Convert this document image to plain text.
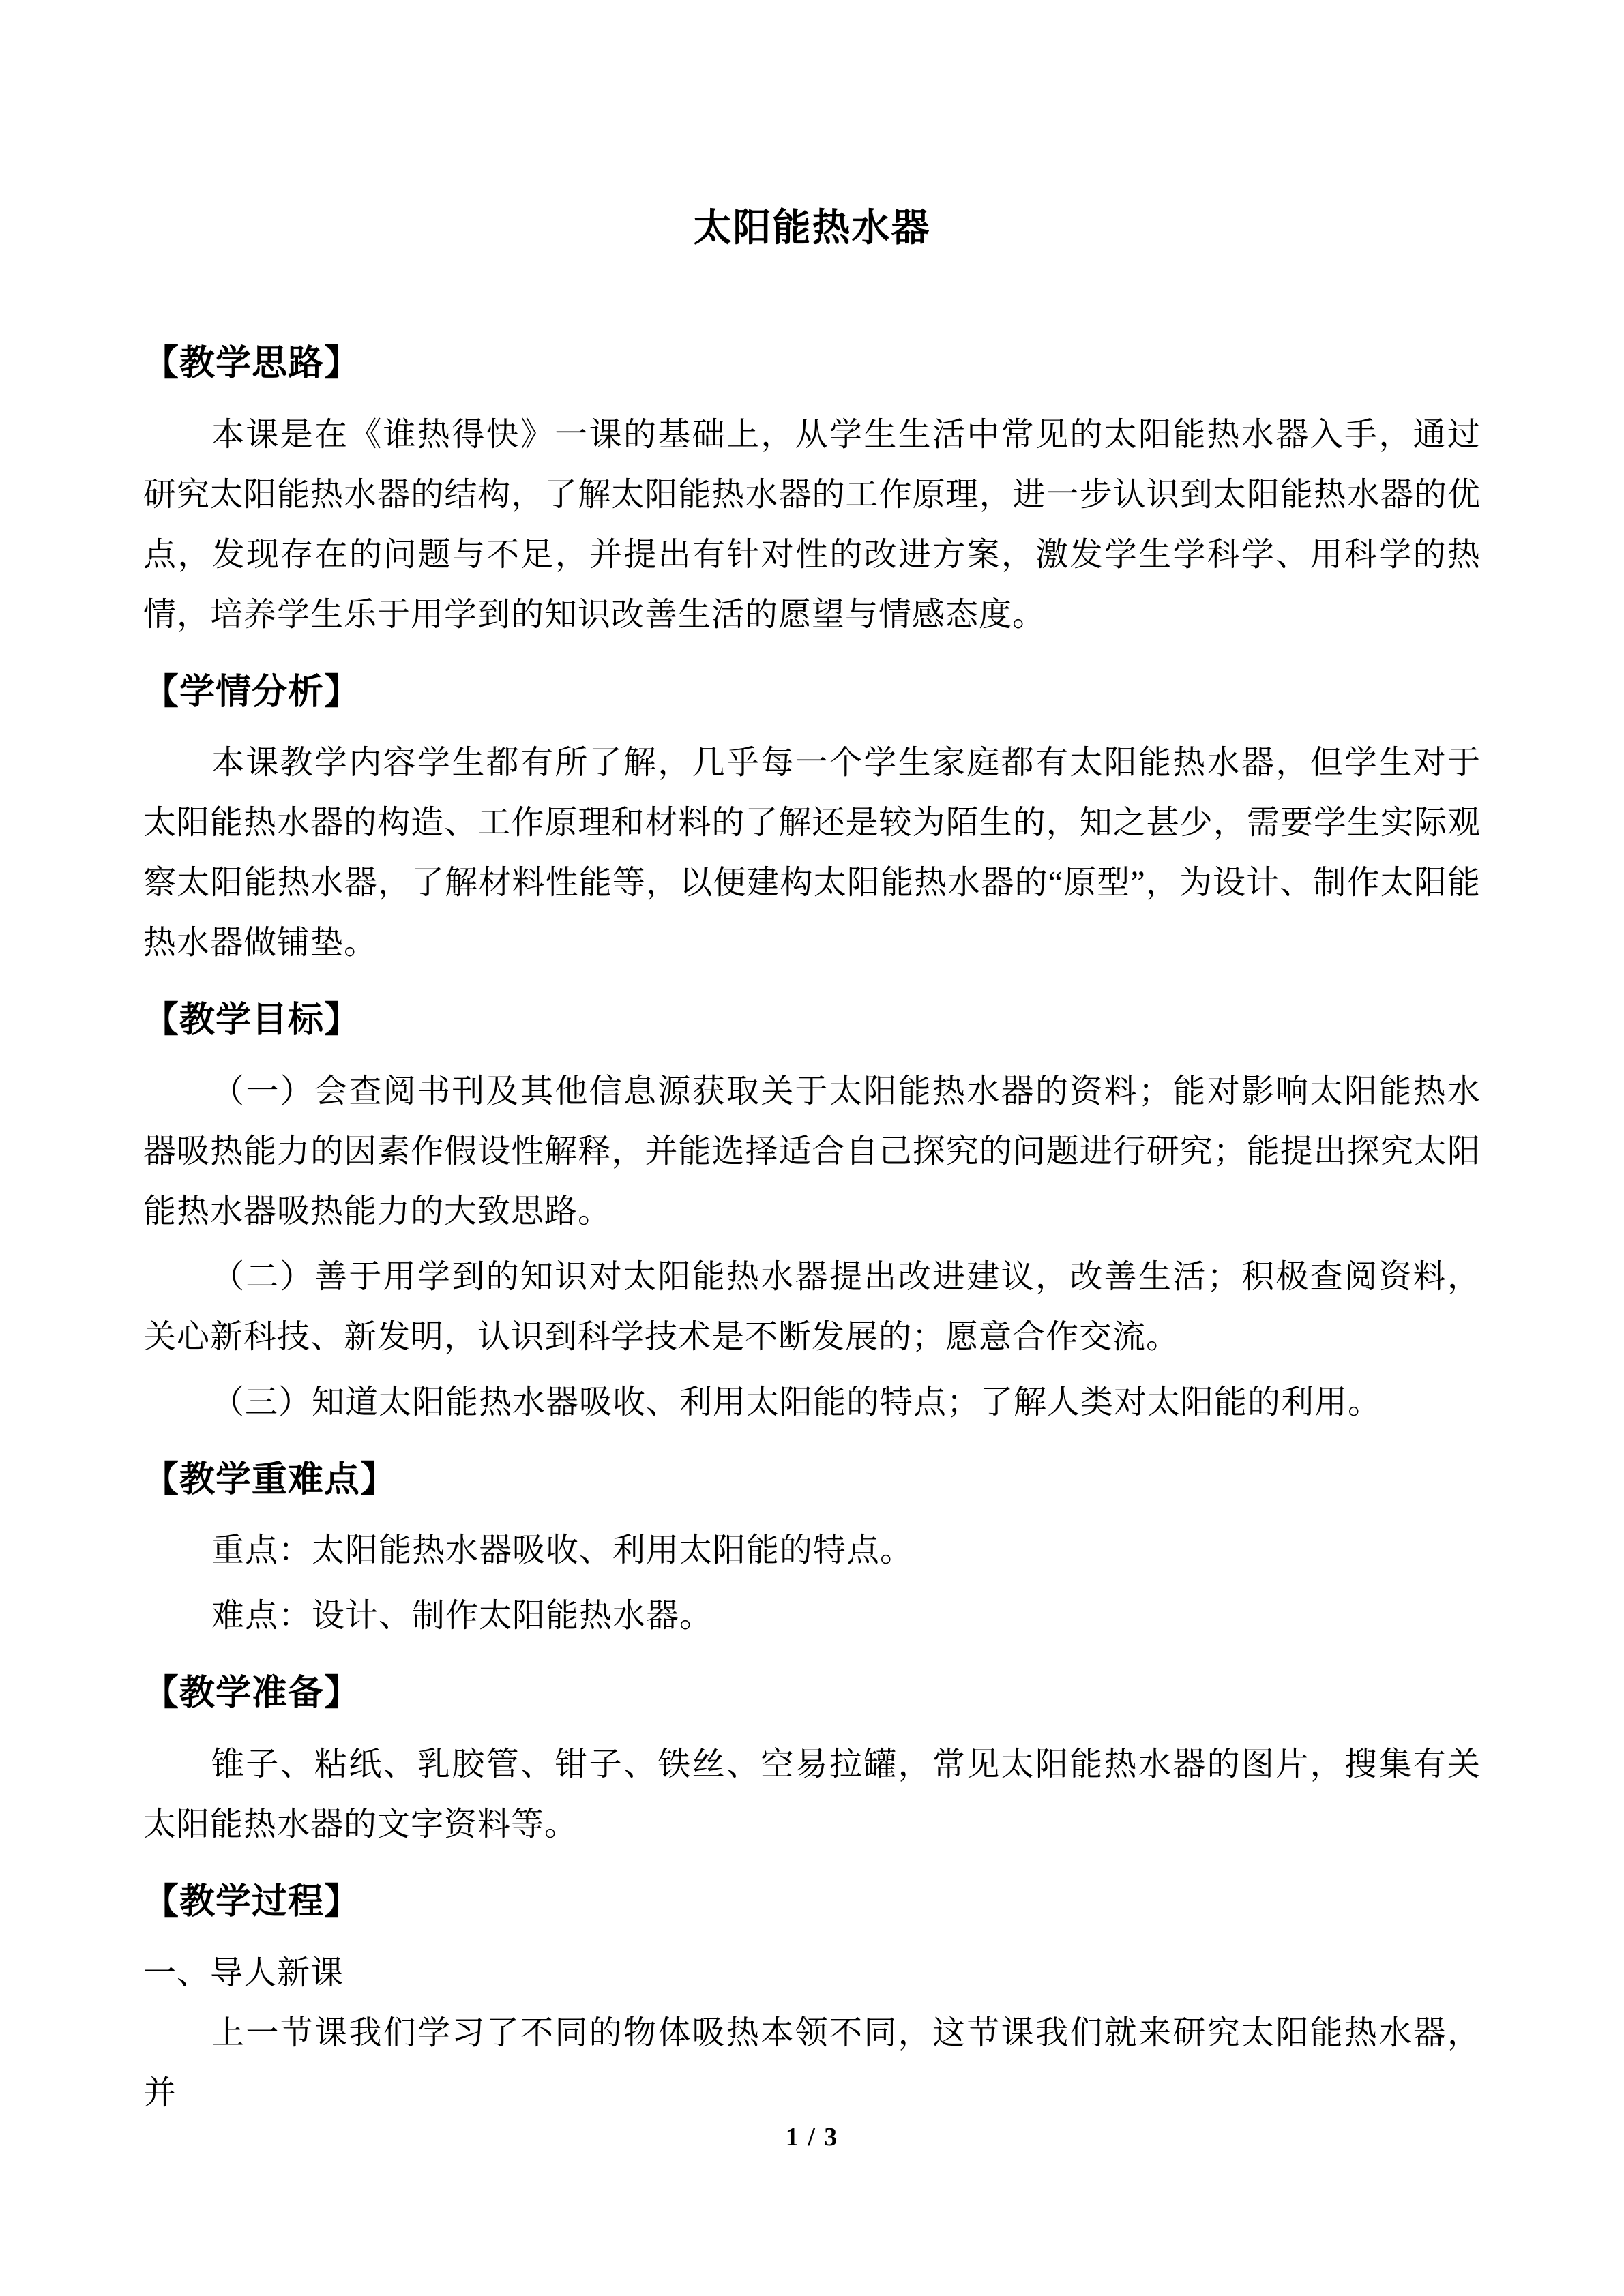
太阳能热水器
【教学思路】

本课是在《谁热得快》一课的基础上，从学生生活中常见的太阳能热水器入手，通过研究太阳能热水器的结构，了解太阳能热水器的工作原理，进一步认识到太阳能热水器的优点，发现存在的问题与不足，并提出有针对性的改进方案，激发学生学科学、用科学的热情，培养学生乐于用学到的知识改善生活的愿望与情感态度。

【学情分析】

本课教学内容学生都有所了解，几乎每一个学生家庭都有太阳能热水器，但学生对于太阳能热水器的构造、工作原理和材料的了解还是较为陌生的，知之甚少，需要学生实际观察太阳能热水器，了解材料性能等，以便建构太阳能热水器的“原型”，为设计、制作太阳能热水器做铺垫。

【教学目标】

（一）会查阅书刊及其他信息源获取关于太阳能热水器的资料；能对影响太阳能热水器吸热能力的因素作假设性解释，并能选择适合自己探究的问题进行研究；能提出探究太阳能热水器吸热能力的大致思路。

（二）善于用学到的知识对太阳能热水器提出改进建议，改善生活；积极查阅资料，关心新科技、新发明，认识到科学技术是不断发展的；愿意合作交流。

（三）知道太阳能热水器吸收、利用太阳能的特点；了解人类对太阳能的利用。

【教学重难点】

重点：太阳能热水器吸收、利用太阳能的特点。

难点：设计、制作太阳能热水器。

【教学准备】

锥子、粘纸、乳胶管、钳子、铁丝、空易拉罐，常见太阳能热水器的图片，搜集有关太阳能热水器的文字资料等。

【教学过程】

一、导人新课

上一节课我们学习了不同的物体吸热本领不同，这节课我们就来研究太阳能热水器，并

1 / 3
